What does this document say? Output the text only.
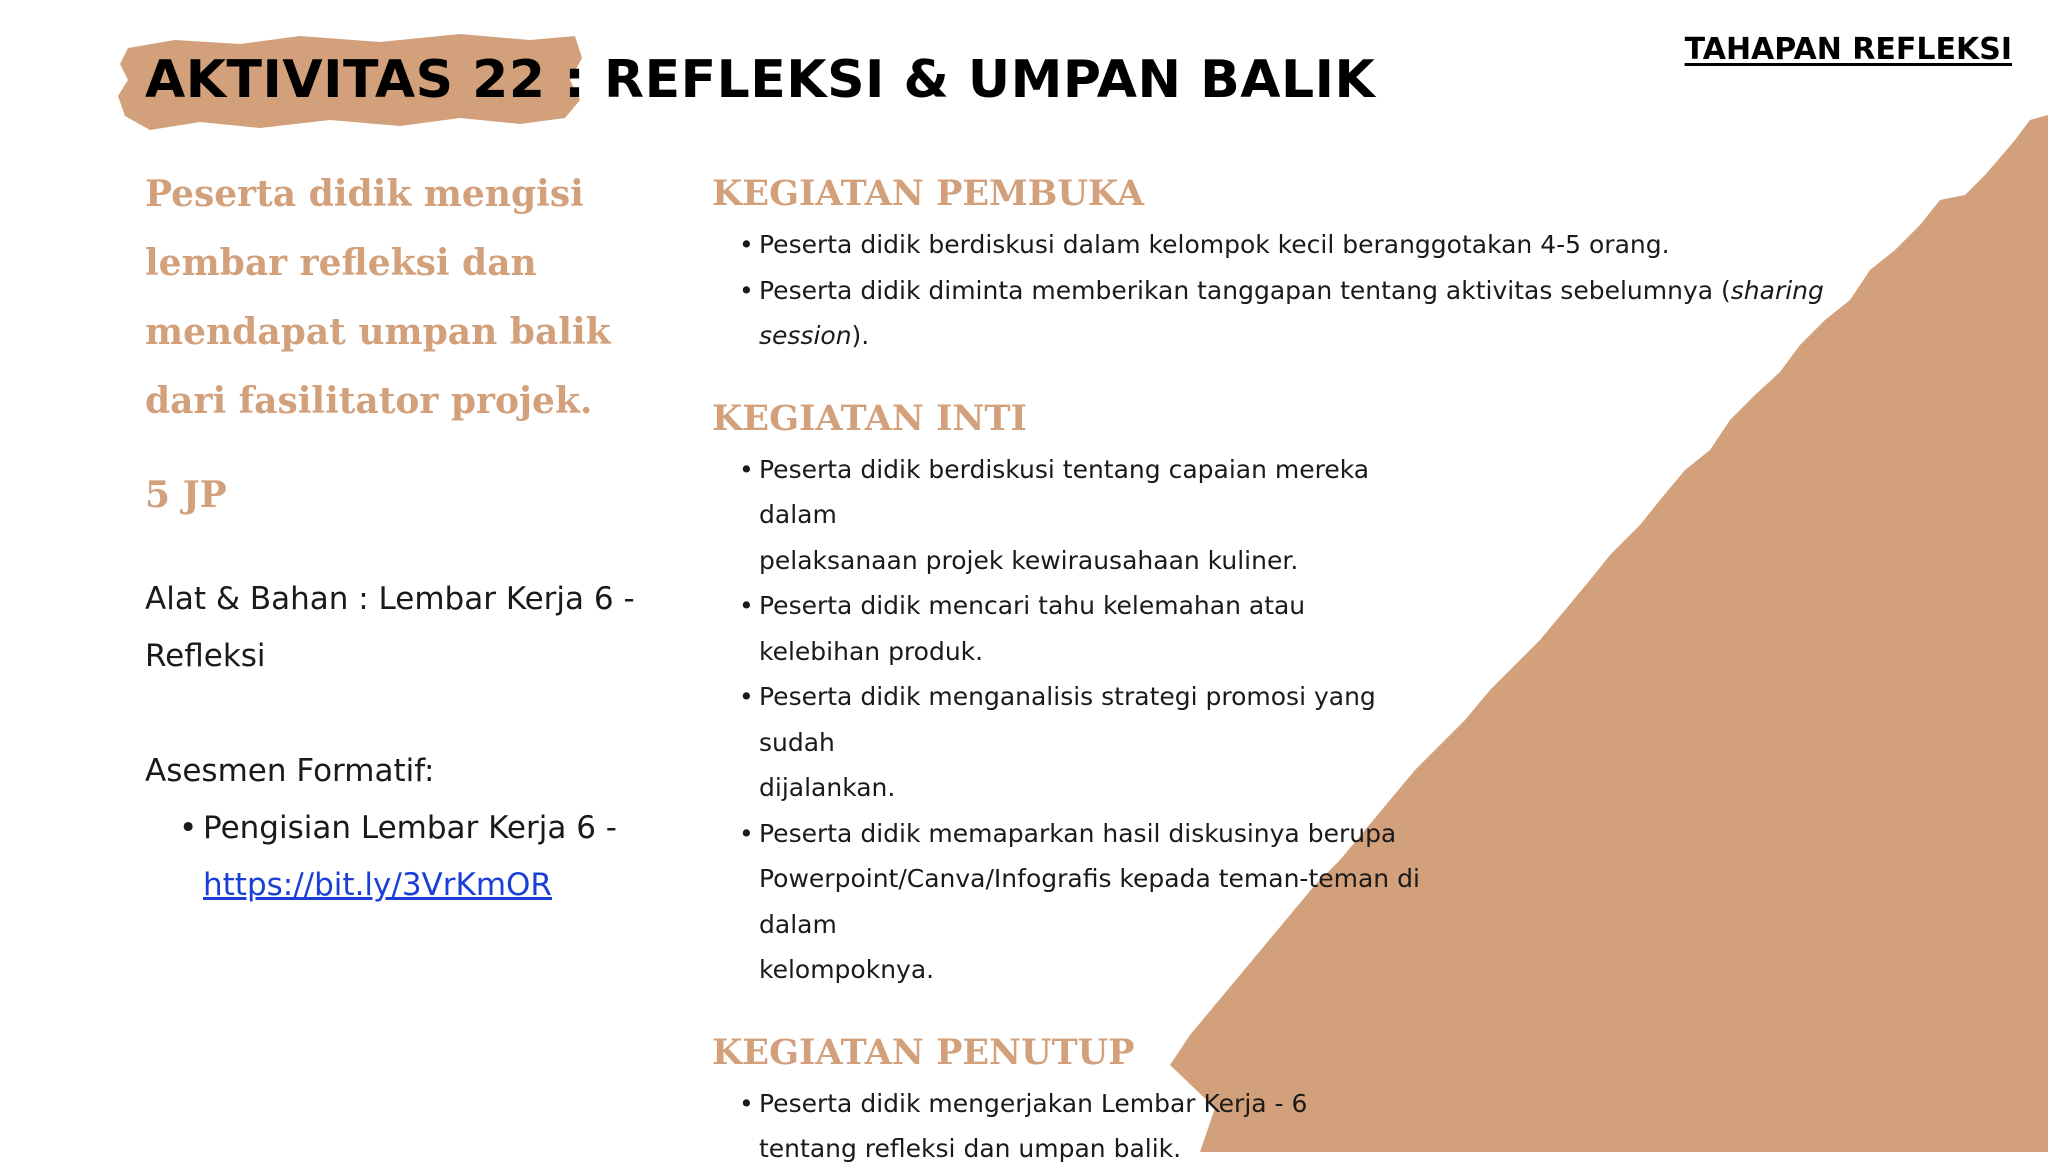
AKTIVITAS 22 : REFLEKSI & UMPAN BALIK
TAHAPAN REFLEKSI
Peserta didik mengisi
lembar refleksi dan
mendapat umpan balik
dari fasilitator projek.
5 JP
Alat & Bahan : Lembar Kerja 6 -
Refleksi
Asesmen Formatif:
• Pengisian Lembar Kerja 6 -
https://bit.ly/3VrKmOR
KEGIATAN PEMBUKA
• Peserta didik berdiskusi dalam kelompok kecil beranggotakan 4-5 orang.
• Peserta didik diminta memberikan tanggapan tentang aktivitas sebelumnya (sharing session).
KEGIATAN INTI
• Peserta didik berdiskusi tentang capaian mereka dalam
pelaksanaan projek kewirausahaan kuliner.
• Peserta didik mencari tahu kelemahan atau kelebihan produk.
• Peserta didik menganalisis strategi promosi yang sudah
dijalankan.
• Peserta didik memaparkan hasil diskusinya berupa
Powerpoint/Canva/Infografis kepada teman-teman di dalam
kelompoknya.
KEGIATAN PENUTUP
• Peserta didik mengerjakan Lembar Kerja - 6
tentang refleksi dan umpan balik.
